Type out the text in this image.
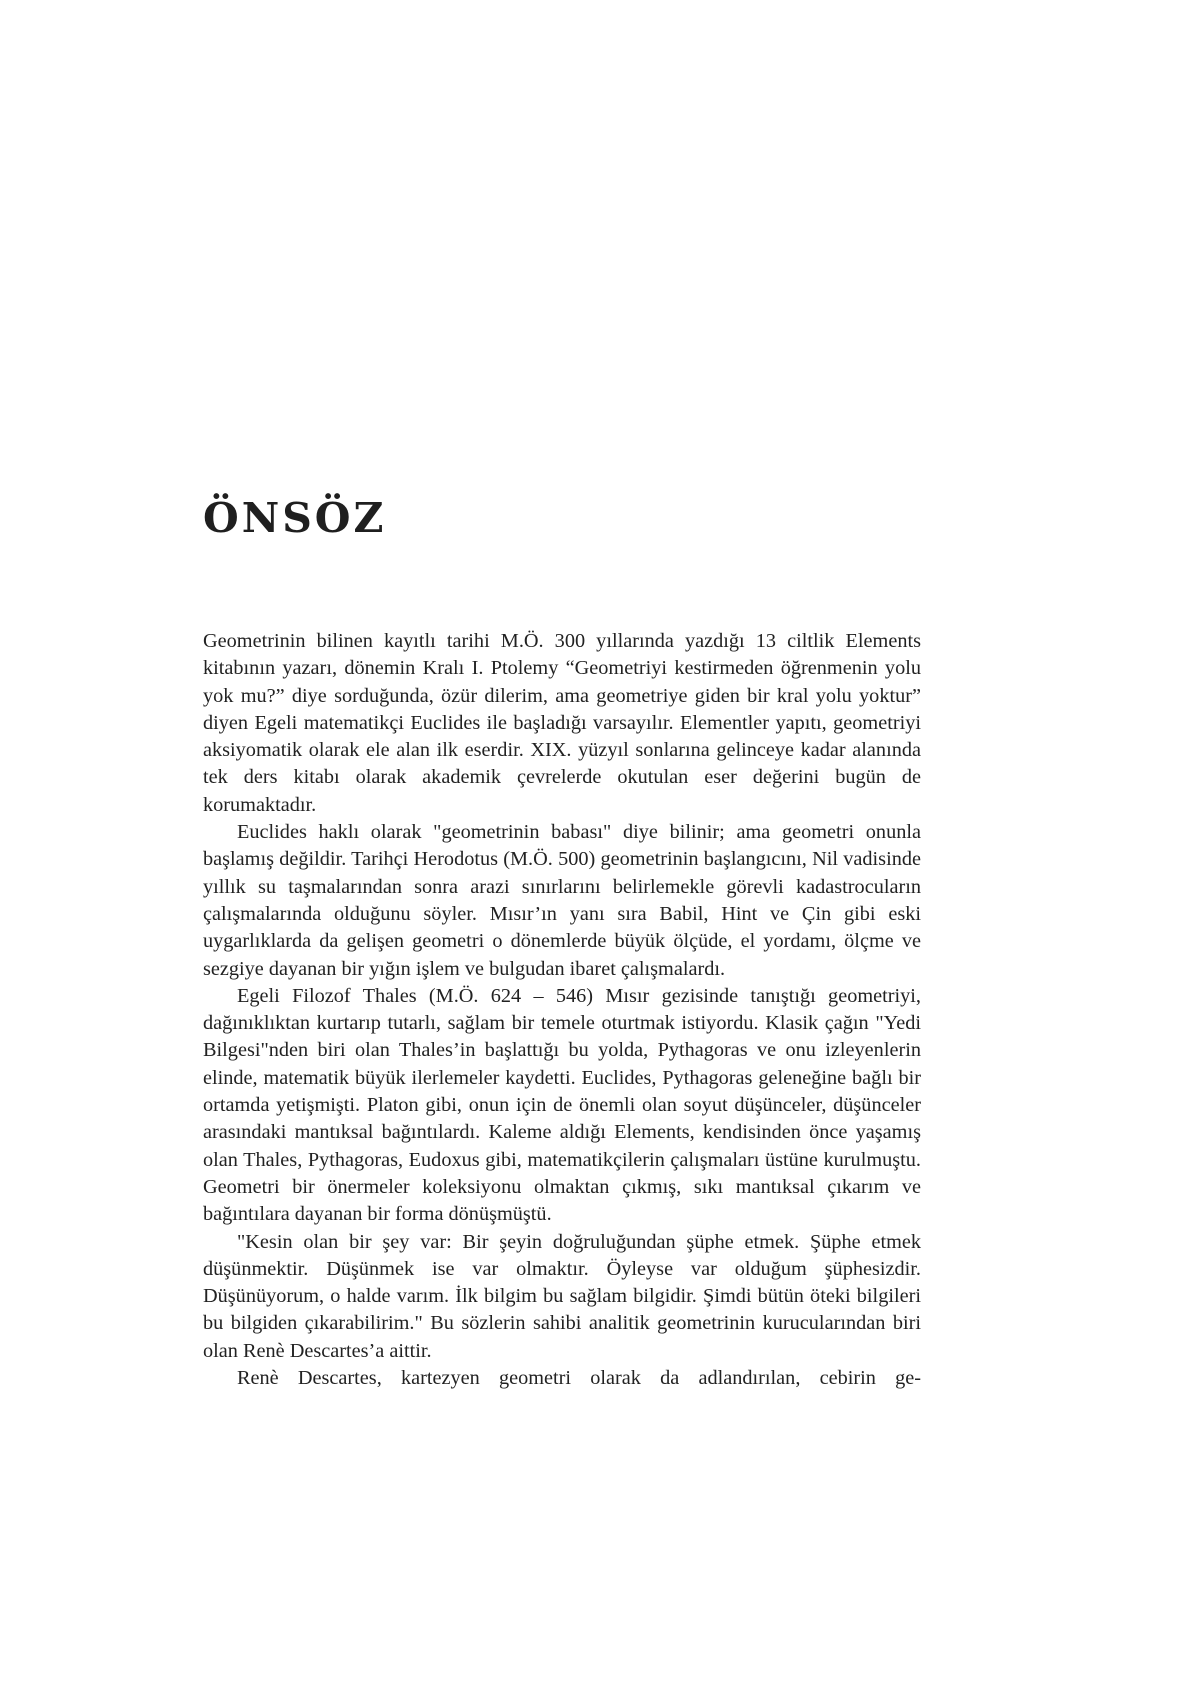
ÖNSÖZ

Geometrinin bilinen kayıtlı tarihi M.Ö. 300 yıllarında yazdığı 13 ciltlik Elements kitabının yazarı, dönemin Kralı I. Ptolemy “Geometriyi kestirmeden öğrenmenin yolu yok mu?” diye sorduğunda, özür dilerim, ama geometriye giden bir kral yolu yoktur” diyen Egeli matematikçi Euclides ile başladığı varsayılır. Elementler yapıtı, geometriyi aksiyomatik olarak ele alan ilk eserdir. XIX. yüzyıl sonlarına gelinceye kadar alanında tek ders kitabı olarak akademik çevrelerde okutulan eser değerini bugün de korumaktadır.

Euclides haklı olarak "geometrinin babası" diye bilinir; ama geometri onunla başlamış değildir. Tarihçi Herodotus (M.Ö. 500) geometrinin başlangıcını, Nil vadisinde yıllık su taşmalarından sonra arazi sınırlarını belirlemekle görevli kadastrocuların çalışmalarında olduğunu söyler. Mısır’ın yanı sıra Babil, Hint ve Çin gibi eski uygarlıklarda da gelişen geometri o dönemlerde büyük ölçüde, el yordamı, ölçme ve sezgiye dayanan bir yığın işlem ve bulgudan ibaret çalışmalardı.

Egeli Filozof Thales (M.Ö. 624 – 546) Mısır gezisinde tanıştığı geometriyi, dağınıklıktan kurtarıp tutarlı, sağlam bir temele oturtmak istiyordu. Klasik çağın "Yedi Bilgesi"nden biri olan Thales’in başlattığı bu yolda, Pythagoras ve onu izleyenlerin elinde, matematik büyük ilerlemeler kaydetti. Euclides, Pythagoras geleneğine bağlı bir ortamda yetişmişti. Platon gibi, onun için de önemli olan soyut düşünceler, düşünceler arasındaki mantıksal bağıntılardı. Kaleme aldığı Elements, kendisinden önce yaşamış olan Thales, Pythagoras, Eudoxus gibi, matematikçilerin çalışmaları üstüne kurulmuştu. Geometri bir önermeler koleksiyonu olmaktan çıkmış, sıkı mantıksal çıkarım ve bağıntılara dayanan bir forma dönüşmüştü.

"Kesin olan bir şey var: Bir şeyin doğruluğundan şüphe etmek. Şüphe etmek düşünmektir. Düşünmek ise var olmaktır. Öyleyse var olduğum şüphesizdir. Düşünüyorum, o halde varım. İlk bilgim bu sağlam bilgidir. Şimdi bütün öteki bilgileri bu bilgiden çıkarabilirim." Bu sözlerin sahibi analitik geometrinin kurucularından biri olan Renè Descartes’a aittir.

Renè Descartes, kartezyen geometri olarak da adlandırılan, cebirin ge-
